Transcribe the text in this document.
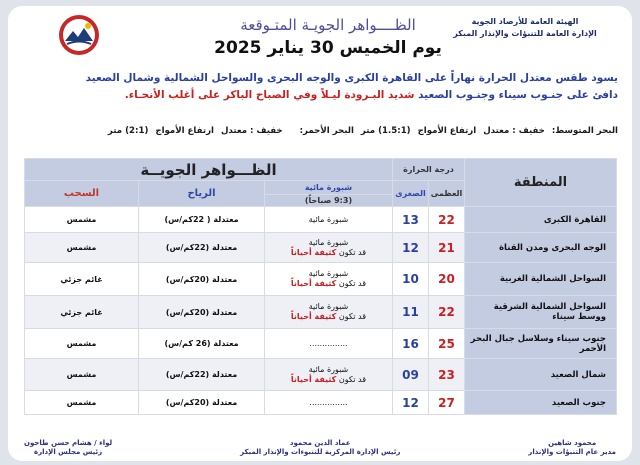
الهيئة العامة للأرصاد الجوية
الإدارة العامة للتنبؤات والإنذار المبكر
الظــــواهر الجويـة المتـوقعة
يوم الخميس 30 يناير 2025
يسود طقس معتدل الحرارة نهاراً على القاهرة الكبرى والوجه البحرى والسواحل الشمالية وشمال الصعيد
دافئ على جنـوب سيناء وجنـوب الصعيد شديد البـرودة ليـلاً وفي الصباح الباكر على أغلب الأنحـاء.
البحر المتوسط: خفيف : معتدل ارتفاع الأمواج (1.5:1) متر البحر الأحمر: خفيف : معتدل ارتفاع الأمواج (2:1) متر
المنطقة	درجة الحرارة		الظـــواهر الجويــة		
	العظمى	الصغرى	شبورة مائية	الرياح	السحب
			(9:3 صباحاً)		
القاهرة الكبرى	22	13	شبورة مائية	معتدلة ( 22كم/س)	مشمس
الوجه البحرى ومدن القناة	21	12	شبورة مائية
قد تكون كثيفة أحياناً	معتدلة (22كم/س)	مشمس
السواحل الشمالية الغربية	20	10	شبورة مائية
قد تكون كثيفة أحياناً	معتدلة (20كم/س)	غائم جزئي
السواحل الشمالية الشرقية ووسط سيناء	22	11	شبورة مائية
قد تكون كثيفة أحياناً	معتدلة (20كم/س)	غائم جزئي
جنوب سيناء وسلاسل جبال البحر الأحمر	25	16	...............	معتدلة (26 كم/س)	مشمس
شمال الصعيد	23	09	شبورة مائية
قد تكون كثيفة أحياناً	معتدلة (22كم/س)	مشمس
جنوب الصعيد	27	12	...............	معتدلة (20كم/س)	مشمس
محمود شاهين
مدير عام التنبؤات والإنذار
عماد الدين محمود
رئيس الإدارة المركزية للتنبوءات والإنذار المبكر
لواء / هشام حسن طاحون
رئيس مجلس الإدارة
